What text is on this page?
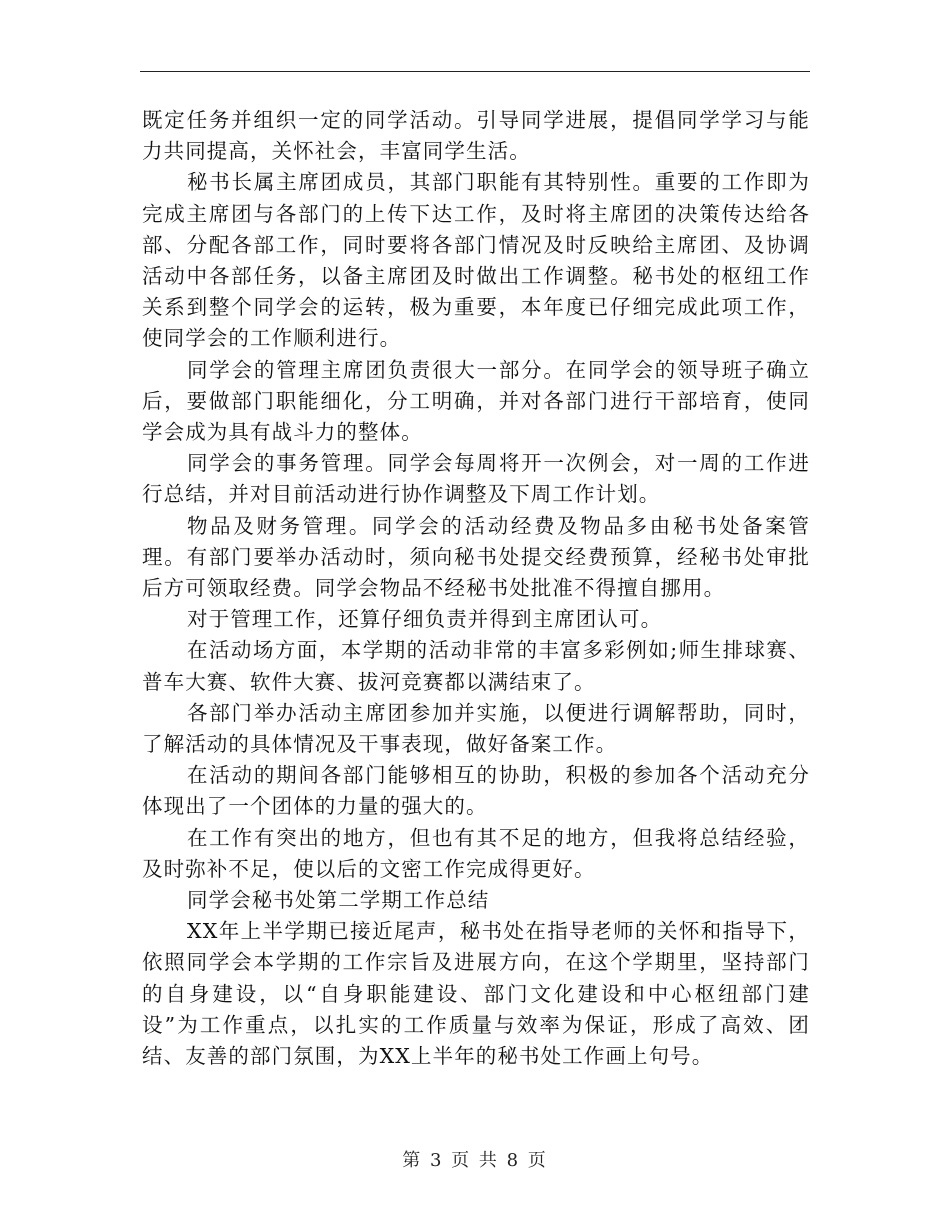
既定任务并组织一定的同学活动。引导同学进展，提倡同学学习与能力共同提高，关怀社会，丰富同学生活。

秘书长属主席团成员，其部门职能有其特别性。重要的工作即为完成主席团与各部门的上传下达工作，及时将主席团的决策传达给各部、分配各部工作，同时要将各部门情况及时反映给主席团、及协调活动中各部任务，以备主席团及时做出工作调整。秘书处的枢纽工作关系到整个同学会的运转，极为重要，本年度已仔细完成此项工作，使同学会的工作顺利进行。

同学会的管理主席团负责很大一部分。在同学会的领导班子确立后，要做部门职能细化，分工明确，并对各部门进行干部培育，使同学会成为具有战斗力的整体。

同学会的事务管理。同学会每周将开一次例会，对一周的工作进行总结，并对目前活动进行协作调整及下周工作计划。

物品及财务管理。同学会的活动经费及物品多由秘书处备案管理。有部门要举办活动时，须向秘书处提交经费预算，经秘书处审批后方可领取经费。同学会物品不经秘书处批准不得擅自挪用。

对于管理工作，还算仔细负责并得到主席团认可。

在活动场方面，本学期的活动非常的丰富多彩例如;师生排球赛、普车大赛、软件大赛、拔河竞赛都以满结束了。

各部门举办活动主席团参加并实施，以便进行调解帮助，同时，了解活动的具体情况及干事表现，做好备案工作。

在活动的期间各部门能够相互的协助，积极的参加各个活动充分体现出了一个团体的力量的强大的。

在工作有突出的地方，但也有其不足的地方，但我将总结经验，及时弥补不足，使以后的文密工作完成得更好。

同学会秘书处第二学期工作总结

XX年上半学期已接近尾声，秘书处在指导老师的关怀和指导下，依照同学会本学期的工作宗旨及进展方向，在这个学期里，坚持部门的自身建设，以“自身职能建设、部门文化建设和中心枢纽部门建设”为工作重点，以扎实的工作质量与效率为保证，形成了高效、团结、友善的部门氛围，为XX上半年的秘书处工作画上句号。

第 3 页 共 8 页
